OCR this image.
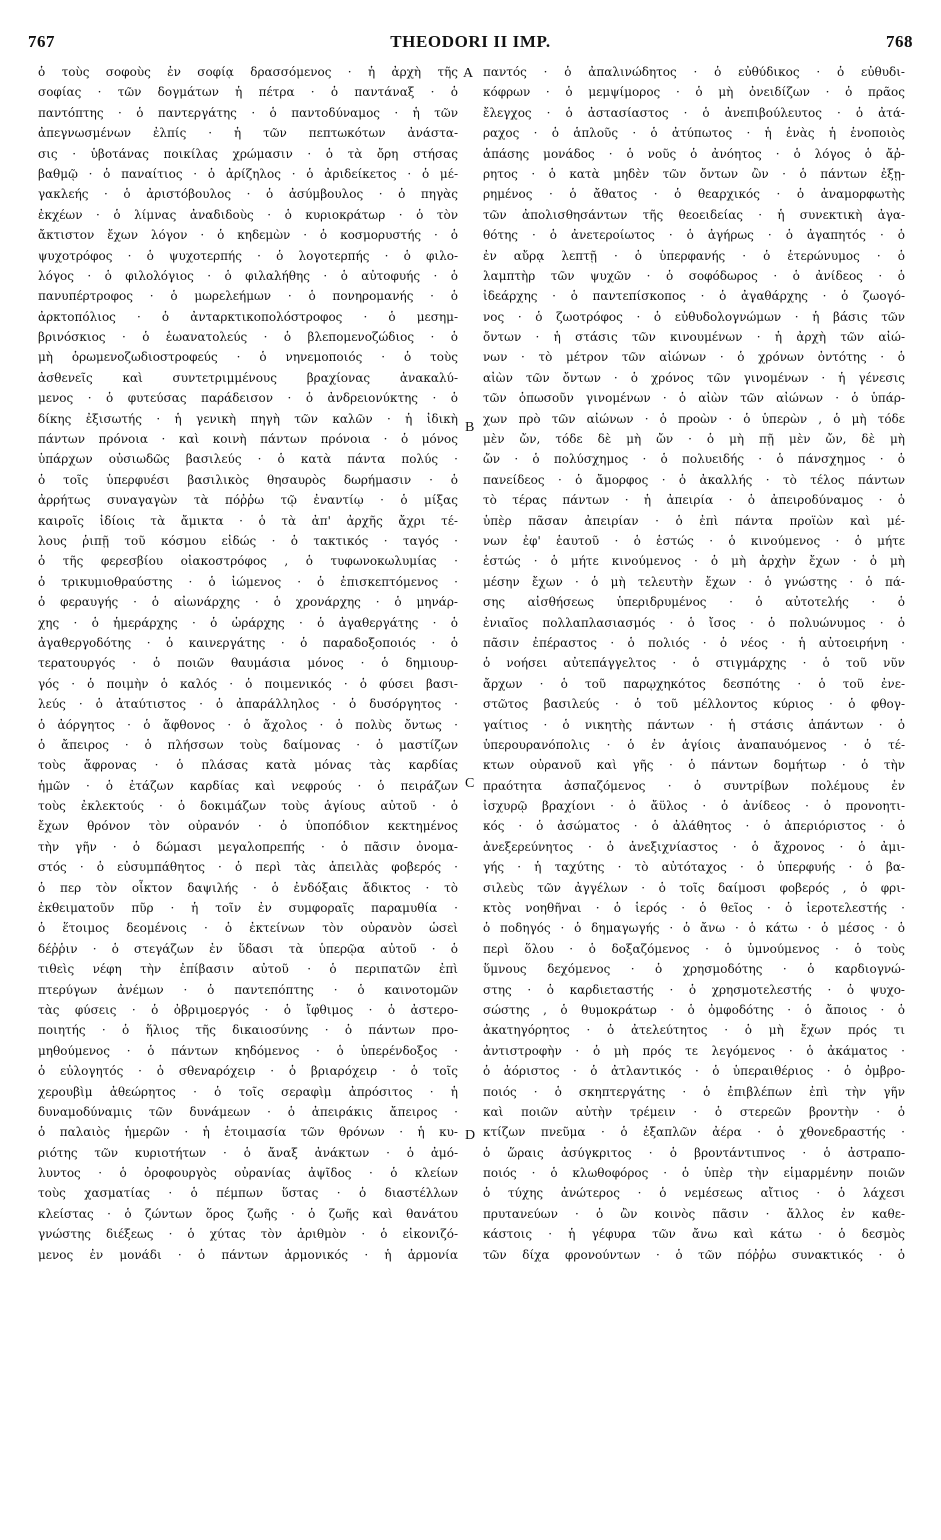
767	THEODORI II IMP.	768
ὁ τοὺς σοφοὺς ἐν σοφίᾳ δρασσόμενος · ἡ ἀρχὴ τῆς
σοφίας · τῶν δογμάτων ἡ πέτρα · ὁ παντάναξ · ὁ
παντόπτης · ὁ παντεργάτης · ὁ παντοδύναμος · ἡ τῶν
ἀπεγνωσμένων ἐλπίς · ἡ τῶν πεπτωκότων ἀνάστα-
σις · ὑβοτάνας ποικίλας χρώμασιν · ὁ τὰ ὄρη στήσας
βαθμῷ · ὁ παναίτιος · ὁ ἀρίζηλος · ὁ ἀριδείκετος · ὁ μέ-
γακλεής · ὁ ἀριστόβουλος · ὁ ἀσύμβουλος · ὁ πηγὰς
ἐκχέων · ὁ λίμνας ἀναδιδοὺς · ὁ κυριοκράτωρ · ὁ τὸν
ἄκτιστον ἔχων λόγον · ὁ κηδεμὼν · ὁ κοσμορυστής · ὁ
ψυχοτρόφος · ὁ ψυχοτερπής · ὁ λογοτερπής · ὁ φιλο-
λόγος · ὁ φιλολόγιος · ὁ φιλαλήθης · ὁ αὐτοφυής · ὁ
πανυπέρτροφος · ὁ μωρελεήμων · ὁ πονηρομανής · ὁ
ἀρκτοπόλιος · ὁ ἀνταρκτικοπολόστροφος · ὁ μεσημ-
βρινόσκιος · ὁ ἑωανατολεύς · ὁ βλεπομενοζώδιος · ὁ
μὴ ὁρωμενοζωδιοστροφεύς · ὁ νηνεμοποιός · ὁ τοὺς
ἀσθενεῖς καὶ συντετριμμένους βραχίονας ἀνακαλύ-
μενος · ὁ φυτεύσας παράδεισον · ὁ ἀνδρειονύκτης · ὁ
δίκης ἐξισωτής · ἡ γενικὴ πηγὴ τῶν καλῶν · ἡ ἰδικὴ
πάντων πρόνοια · καὶ κοινὴ πάντων πρόνοια · ὁ μόνος
ὑπάρχων οὐσιωδῶς βασιλεύς · ὁ κατὰ πάντα πολύς ·
ὁ τοῖς ὑπερφυέσι βασιλικὸς θησαυρὸς δωρήμασιν · ὁ
ἀρρήτως συναγαγὼν τὰ πόῤῥω τῷ ἐναντίῳ · ὁ μίξας
καιροῖς ἰδίοις τὰ ἄμικτα · ὁ τὰ ἀπ' ἀρχῆς ἄχρι τέ-
λους ῥιπῇ τοῦ κόσμου εἰδώς · ὁ τακτικός · ταγός ·
ὁ τῆς φερεσβίου οἰακοστρόφος , ὁ τυφωνοκωλυμίας ·
ὁ τρικυμιοθραύστης · ὁ ἰώμενος · ὁ ἐπισκεπτόμενος ·
ὁ φεραυγής · ὁ αἰωνάρχης · ὁ χρονάρχης · ὁ μηνάρ-
χης · ὁ ἡμεράρχης · ὁ ὡράρχης · ὁ ἀγαθεργάτης · ὁ
ἀγαθεργοδότης · ὁ καινεργάτης · ὁ παραδοξοποιός · ὁ
τερατουργός · ὁ ποιῶν θαυμάσια μόνος · ὁ δημιουρ-
γός · ὁ ποιμὴν ὁ καλός · ὁ ποιμενικός · ὁ φύσει βασι-
λεύς · ὁ ἀταύτιστος · ὁ ἀπαράλληλος · ὁ δυσόργητος ·
ὁ ἀόργητος · ὁ ἄφθονος · ὁ ἄχολος · ὁ πολὺς ὄντως ·
ὁ ἄπειρος · ὁ πλήσσων τοὺς δαίμονας · ὁ μαστίζων
τοὺς ἄφρονας · ὁ πλάσας κατὰ μόνας τὰς καρδίας
ἡμῶν · ὁ ἐτάζων καρδίας καὶ νεφρούς · ὁ πειράζων
τοὺς ἐκλεκτούς · ὁ δοκιμάζων τοὺς ἁγίους αὐτοῦ · ὁ
ἔχων θρόνον τὸν οὐρανόν · ὁ ὑποπόδιον κεκτημένος
τὴν γῆν · ὁ δώμασι μεγαλοπρεπής · ὁ πᾶσιν ὀνομα-
στός · ὁ εὐσυμπάθητος · ὁ περὶ τὰς ἀπειλὰς φοβερός ·
ὁ περ τὸν οἶκτον δαψιλής · ὁ ἐνδόξαις ἄδικτος · τὸ
ἐκθειματοῦν πῦρ · ἡ τοῖν ἐν συμφοραῖς παραμυθία ·
ὁ ἕτοιμος δεομένοις · ὁ ἐκτείνων τὸν οὐρανὸν ὡσεὶ
δέῤῥιν · ὁ στεγάζων ἐν ὕδασι τὰ ὑπερῷα αὐτοῦ · ὁ
τιθεὶς νέφη τὴν ἐπίβασιν αὐτοῦ · ὁ περιπατῶν ἐπὶ
πτερύγων ἀνέμων · ὁ παντεπόπτης · ὁ καινοτομῶν
τὰς φύσεις · ὁ ὀβριμοεργός · ὁ ἴφθιμος · ὁ ἀστερο-
ποιητής · ὁ ἥλιος τῆς δικαιοσύνης · ὁ πάντων προ-
μηθούμενος · ὁ πάντων κηδόμενος · ὁ ὑπερένδοξος ·
ὁ εὐλογητός · ὁ σθεναρόχειρ · ὁ βριαρόχειρ · ὁ τοῖς
χερουβὶμ ἀθεώρητος · ὁ τοῖς σεραφὶμ ἀπρόσιτος · ἡ
δυναμοδύναμις τῶν δυνάμεων · ὁ ἀπειράκις ἄπειρος ·
ὁ παλαιὸς ἡμερῶν · ἡ ἑτοιμασία τῶν θρόνων · ἡ κυ-
ριότης τῶν κυριοτήτων · ὁ ἄναξ ἀνάκτων · ὁ ἀμό-
λυντος · ὁ ὀροφουργὸς οὐρανίας ἀψῖδος · ὁ κλείων
τοὺς χασματίας · ὁ πέμπων ὕστας · ὁ διαστέλλων
κλείστας · ὁ ζώντων ὅρος ζωῆς · ὁ ζωῆς καὶ θανάτου
γνώστης διέξεως · ὁ χύτας τὸν ἀριθμὸν · ὁ εἰκονιζό-
μενος ἐν μονάδι · ὁ πάντων ἁρμονικός · ἡ ἁρμονία
παντός · ὁ ἀπαλινώδητος · ὁ εὐθύδικος · ὁ εὐθυδι-
κόφρων · ὁ μεμψίμορος · ὁ μὴ ὀνειδίζων · ὁ πρᾶος
ἔλεγχος · ὁ ἀστασίαστος · ὁ ἀνεπιβούλευτος · ὁ ἀτά-
ραχος · ὁ ἁπλοῦς · ὁ ἀτύπωτος · ἡ ἑνὰς ἡ ἑνοποιὸς
ἁπάσης μονάδος · ὁ νοῦς ὁ ἀνόητος · ὁ λόγος ὁ ἄῤ-
ρητος · ὁ κατὰ μηδὲν τῶν ὄντων ὢν · ὁ πάντων ἐξῃ-
ρημένος · ὁ ἄθατος · ὁ θεαρχικός · ὁ ἀναμορφωτὴς
τῶν ἀπολισθησάντων τῆς θεοειδείας · ἡ συνεκτικὴ ἀγα-
θότης · ὁ ἀνετεροίωτος · ὁ ἀγήρως · ὁ ἀγαπητός · ὁ
ἐν αὔρᾳ λεπτῇ · ὁ ὑπερφανής · ὁ ἑτερώνυμος · ὁ
λαμπτὴρ τῶν ψυχῶν · ὁ σοφόδωρος · ὁ ἀνίδεος · ὁ
ἰδεάρχης · ὁ παντεπίσκοπος · ὁ ἀγαθάρχης · ὁ ζωογό-
νος · ὁ ζωοτρόφος · ὁ εὐθυδολογνώμων · ἡ βάσις τῶν
ὄντων · ἡ στάσις τῶν κινουμένων · ἡ ἀρχὴ τῶν αἰώ-
νων · τὸ μέτρον τῶν αἰώνων · ὁ χρόνων ὀντότης · ὁ
αἰὼν τῶν ὄντων · ὁ χρόνος τῶν γινομένων · ἡ γένεσις
τῶν ὁπωσοῦν γινομένων · ὁ αἰὼν τῶν αἰώνων · ὁ ὑπάρ-
χων πρὸ τῶν αἰώνων · ὁ προὼν · ὁ ὑπερὼν , ὁ μὴ τόδε
μὲν ὤν, τόδε δὲ μὴ ὤν · ὁ μὴ πῇ μὲν ὤν, δὲ μὴ
ὤν · ὁ πολύσχημος · ὁ πολυειδής · ὁ πάνσχημος · ὁ
πανείδεος · ὁ ἄμορφος · ὁ ἀκαλλής · τὸ τέλος πάντων
τὸ τέρας πάντων · ἡ ἀπειρία · ὁ ἀπειροδύναμος · ὁ
ὑπὲρ πᾶσαν ἀπειρίαν · ὁ ἐπὶ πάντα προϊὼν καὶ μέ-
νων ἐφ' ἑαυτοῦ · ὁ ἑστώς · ὁ κινούμενος · ὁ μήτε
ἑστώς · ὁ μήτε κινούμενος · ὁ μὴ ἀρχὴν ἔχων · ὁ μὴ
μέσην ἔχων · ὁ μὴ τελευτὴν ἔχων · ὁ γνώστης · ὁ πά-
σης αἰσθήσεως ὑπεριδρυμένος · ὁ αὐτοτελής · ὁ
ἐνιαῖος πολλαπλασιασμός · ὁ ἴσος · ὁ πολυώνυμος · ὁ
πᾶσιν ἐπέραστος · ὁ πολιός · ὁ νέος · ἡ αὐτοειρήνη ·
ὁ νοήσει αὐτεπάγγελτος · ὁ στιγμάρχης · ὁ τοῦ νῦν
ἄρχων · ὁ τοῦ παρῳχηκότος δεσπότης · ὁ τοῦ ἐνε-
στῶτος βασιλεύς · ὁ τοῦ μέλλοντος κύριος · ὁ φθογ-
γαίτιος · ὁ νικητὴς πάντων · ἡ στάσις ἁπάντων · ὁ
ὑπερουρανόπολις · ὁ ἐν ἁγίοις ἀναπαυόμενος · ὁ τέ-
κτων οὐρανοῦ καὶ γῆς · ὁ πάντων δομήτωρ · ὁ τὴν
πραότητα ἀσπαζόμενος · ὁ συντρίβων πολέμους ἐν
ἰσχυρῷ βραχίονι · ὁ ἄϋλος · ὁ ἀνίδεος · ὁ προνοητι-
κός · ὁ ἀσώματος · ὁ ἀλάθητος · ὁ ἀπεριόριστος · ὁ
ἀνεξερεύνητος · ὁ ἀνεξιχνίαστος · ὁ ἄχρονος · ὁ ἀμι-
γής · ἡ ταχύτης · τὸ αὐτόταχος · ὁ ὑπερφυής · ὁ βα-
σιλεὺς τῶν ἀγγέλων · ὁ τοῖς δαίμοσι φοβερός , ὁ φρι-
κτὸς νοηθῆναι · ὁ ἱερός · ὁ θεῖος · ὁ ἱεροτελεστής ·
ὁ ποδηγός · ὁ δημαγωγής · ὁ ἄνω · ὁ κάτω · ὁ μέσος · ὁ
περὶ ὅλου · ὁ δοξαζόμενος · ὁ ὑμνούμενος · ὁ τοὺς
ὕμνους δεχόμενος · ὁ χρησμοδότης · ὁ καρδιογνώ-
στης · ὁ καρδιεταστής · ὁ χρησμοτελεστής · ὁ ψυχο-
σώστης , ὁ θυμοκράτωρ · ὁ ὀμφοδότης · ὁ ἄποιος · ὁ
ἀκατηγόρητος · ὁ ἀτελεύτητος · ὁ μὴ ἔχων πρός τι
ἀντιστροφὴν · ὁ μὴ πρός τε λεγόμενος · ὁ ἀκάματος ·
ὁ ἀόριστος · ὁ ἀτλαντικός · ὁ ὑπεραιθέριος · ὁ ὀμβρο-
ποιός · ὁ σκηπτεργάτης · ὁ ἐπιβλέπων ἐπὶ τὴν γῆν
καὶ ποιῶν αὐτὴν τρέμειν · ὁ στερεῶν βροντὴν · ὁ
κτίζων πνεῦμα · ὁ ἐξαπλῶν ἀέρα · ὁ χθονεδραστής ·
ὁ ὥραις ἀσύγκριτος · ὁ βροντάντιπνος · ὁ ἀστραπο-
ποιός · ὁ κλωθοφόρος · ὁ ὑπὲρ τὴν εἱμαρμένην ποιῶν
ὁ τύχης ἀνώτερος · ὁ νεμέσεως αἴτιος · ὁ λάχεσι
πρυτανεύων · ὁ ὢν κοινὸς πᾶσιν · ἄλλος ἐν καθε-
κάστοις · ἡ γέφυρα τῶν ἄνω καὶ κάτω · ὁ δεσμὸς
τῶν δίχα φρονούντων · ὁ τῶν πόῤῥω συνακτικός · ὁ
A
B
C
D
